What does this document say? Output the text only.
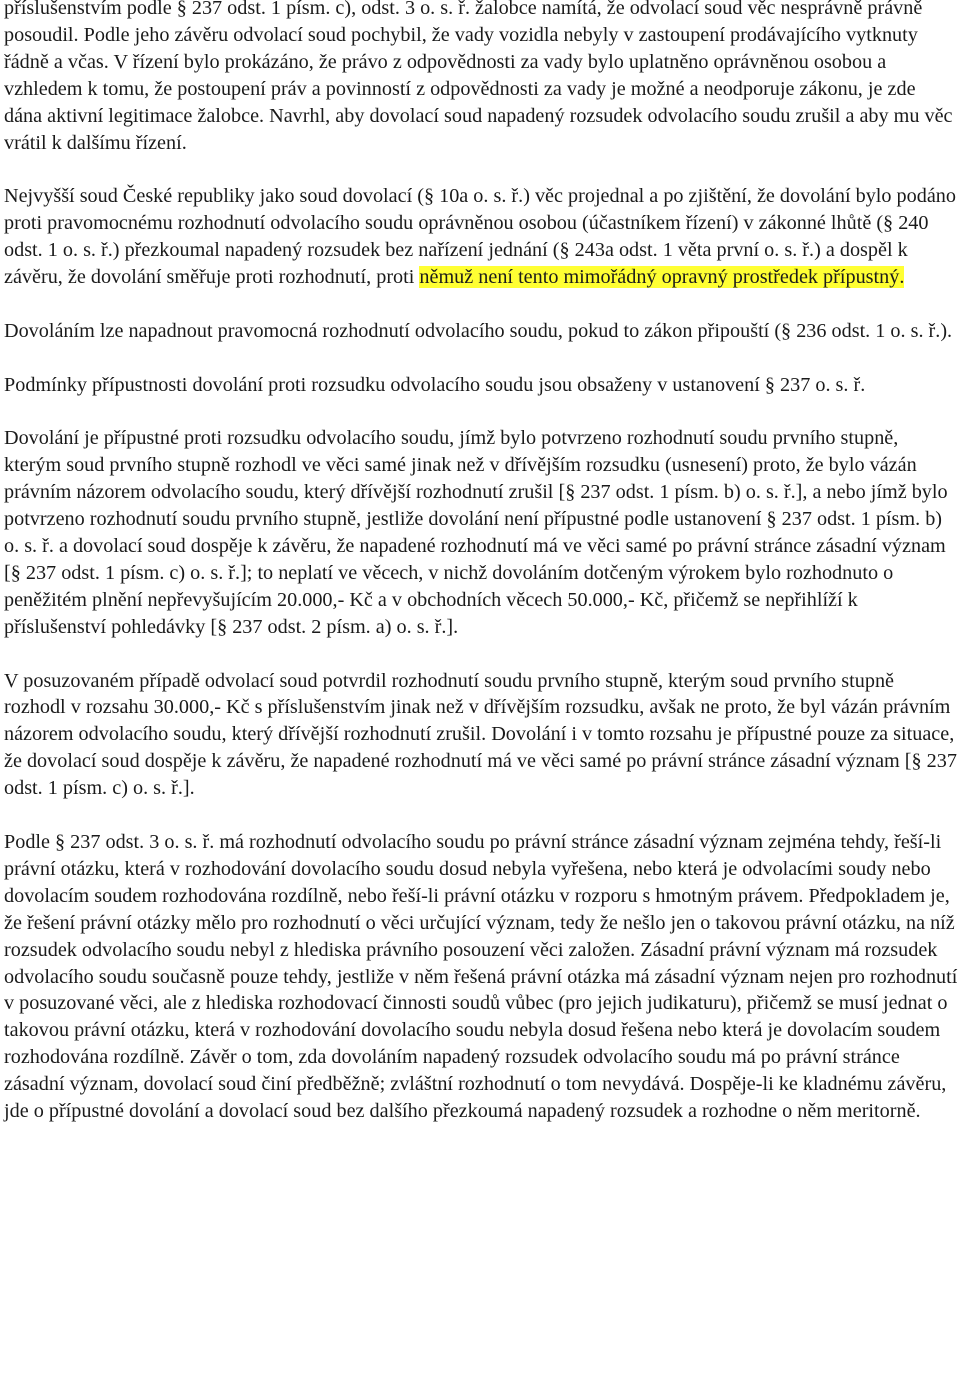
příslušenstvím podle § 237 odst. 1 písm. c), odst. 3 o. s. ř. žalobce namítá, že odvolací soud věc nesprávně právně posoudil. Podle jeho závěru odvolací soud pochybil, že vady vozidla nebyly v zastoupení prodávajícího vytknuty řádně a včas. V řízení bylo prokázáno, že právo z odpovědnosti za vady bylo uplatněno oprávněnou osobou a vzhledem k tomu, že postoupení práv a povinností z odpovědnosti za vady je možné a neodporuje zákonu, je zde dána aktivní legitimace žalobce. Navrhl, aby dovolací soud napadený rozsudek odvolacího soudu zrušil a aby mu věc vrátil k dalšímu řízení.

Nejvyšší soud České republiky jako soud dovolací (§ 10a o. s. ř.) věc projednal a po zjištění, že dovolání bylo podáno proti pravomocnému rozhodnutí odvolacího soudu oprávněnou osobou (účastníkem řízení) v zákonné lhůtě (§ 240 odst. 1 o. s. ř.) přezkoumal napadený rozsudek bez nařízení jednání (§ 243a odst. 1 věta první o. s. ř.) a dospěl k závěru, že dovolání směřuje proti rozhodnutí, proti němuž není tento mimořádný opravný prostředek přípustný.

Dovoláním lze napadnout pravomocná rozhodnutí odvolacího soudu, pokud to zákon připouští (§ 236 odst. 1 o. s. ř.).

Podmínky přípustnosti dovolání proti rozsudku odvolacího soudu jsou obsaženy v ustanovení § 237 o. s. ř.

Dovolání je přípustné proti rozsudku odvolacího soudu, jímž bylo potvrzeno rozhodnutí soudu prvního stupně, kterým soud prvního stupně rozhodl ve věci samé jinak než v dřívějším rozsudku (usnesení) proto, že bylo vázán právním názorem odvolacího soudu, který dřívější rozhodnutí zrušil [§ 237 odst. 1 písm. b) o. s. ř.], a nebo jímž bylo potvrzeno rozhodnutí soudu prvního stupně, jestliže dovolání není přípustné podle ustanovení § 237 odst. 1 písm. b) o. s. ř. a dovolací soud dospěje k závěru, že napadené rozhodnutí má ve věci samé po právní stránce zásadní význam [§ 237 odst. 1 písm. c) o. s. ř.]; to neplatí ve věcech, v nichž dovoláním dotčeným výrokem bylo rozhodnuto o peněžitém plnění nepřevyšujícím 20.000,- Kč a v obchodních věcech 50.000,- Kč, přičemž se nepřihlíží k příslušenství pohledávky [§ 237 odst. 2 písm. a) o. s. ř.].

V posuzovaném případě odvolací soud potvrdil rozhodnutí soudu prvního stupně, kterým soud prvního stupně rozhodl v rozsahu 30.000,- Kč s příslušenstvím jinak než v dřívějším rozsudku, avšak ne proto, že byl vázán právním názorem odvolacího soudu, který dřívější rozhodnutí zrušil. Dovolání i v tomto rozsahu je přípustné pouze za situace, že dovolací soud dospěje k závěru, že napadené rozhodnutí má ve věci samé po právní stránce zásadní význam [§ 237 odst. 1 písm. c) o. s. ř.].

Podle § 237 odst. 3 o. s. ř. má rozhodnutí odvolacího soudu po právní stránce zásadní význam zejména tehdy, řeší-li právní otázku, která v rozhodování dovolacího soudu dosud nebyla vyřešena, nebo která je odvolacími soudy nebo dovolacím soudem rozhodována rozdílně, nebo řeší-li právní otázku v rozporu s hmotným právem. Předpokladem je, že řešení právní otázky mělo pro rozhodnutí o věci určující význam, tedy že nešlo jen o takovou právní otázku, na níž rozsudek odvolacího soudu nebyl z hlediska právního posouzení věci založen. Zásadní právní význam má rozsudek odvolacího soudu současně pouze tehdy, jestliže v něm řešená právní otázka má zásadní význam nejen pro rozhodnutí v posuzované věci, ale z hlediska rozhodovací činnosti soudů vůbec (pro jejich judikaturu), přičemž se musí jednat o takovou právní otázku, která v rozhodování dovolacího soudu nebyla dosud řešena nebo která je dovolacím soudem rozhodována rozdílně. Závěr o tom, zda dovoláním napadený rozsudek odvolacího soudu má po právní stránce zásadní význam, dovolací soud činí předběžně; zvláštní rozhodnutí o tom nevydává. Dospěje-li ke kladnému závěru, jde o přípustné dovolání a dovolací soud bez dalšího přezkoumá napadený rozsudek a rozhodne o něm meritorně.
